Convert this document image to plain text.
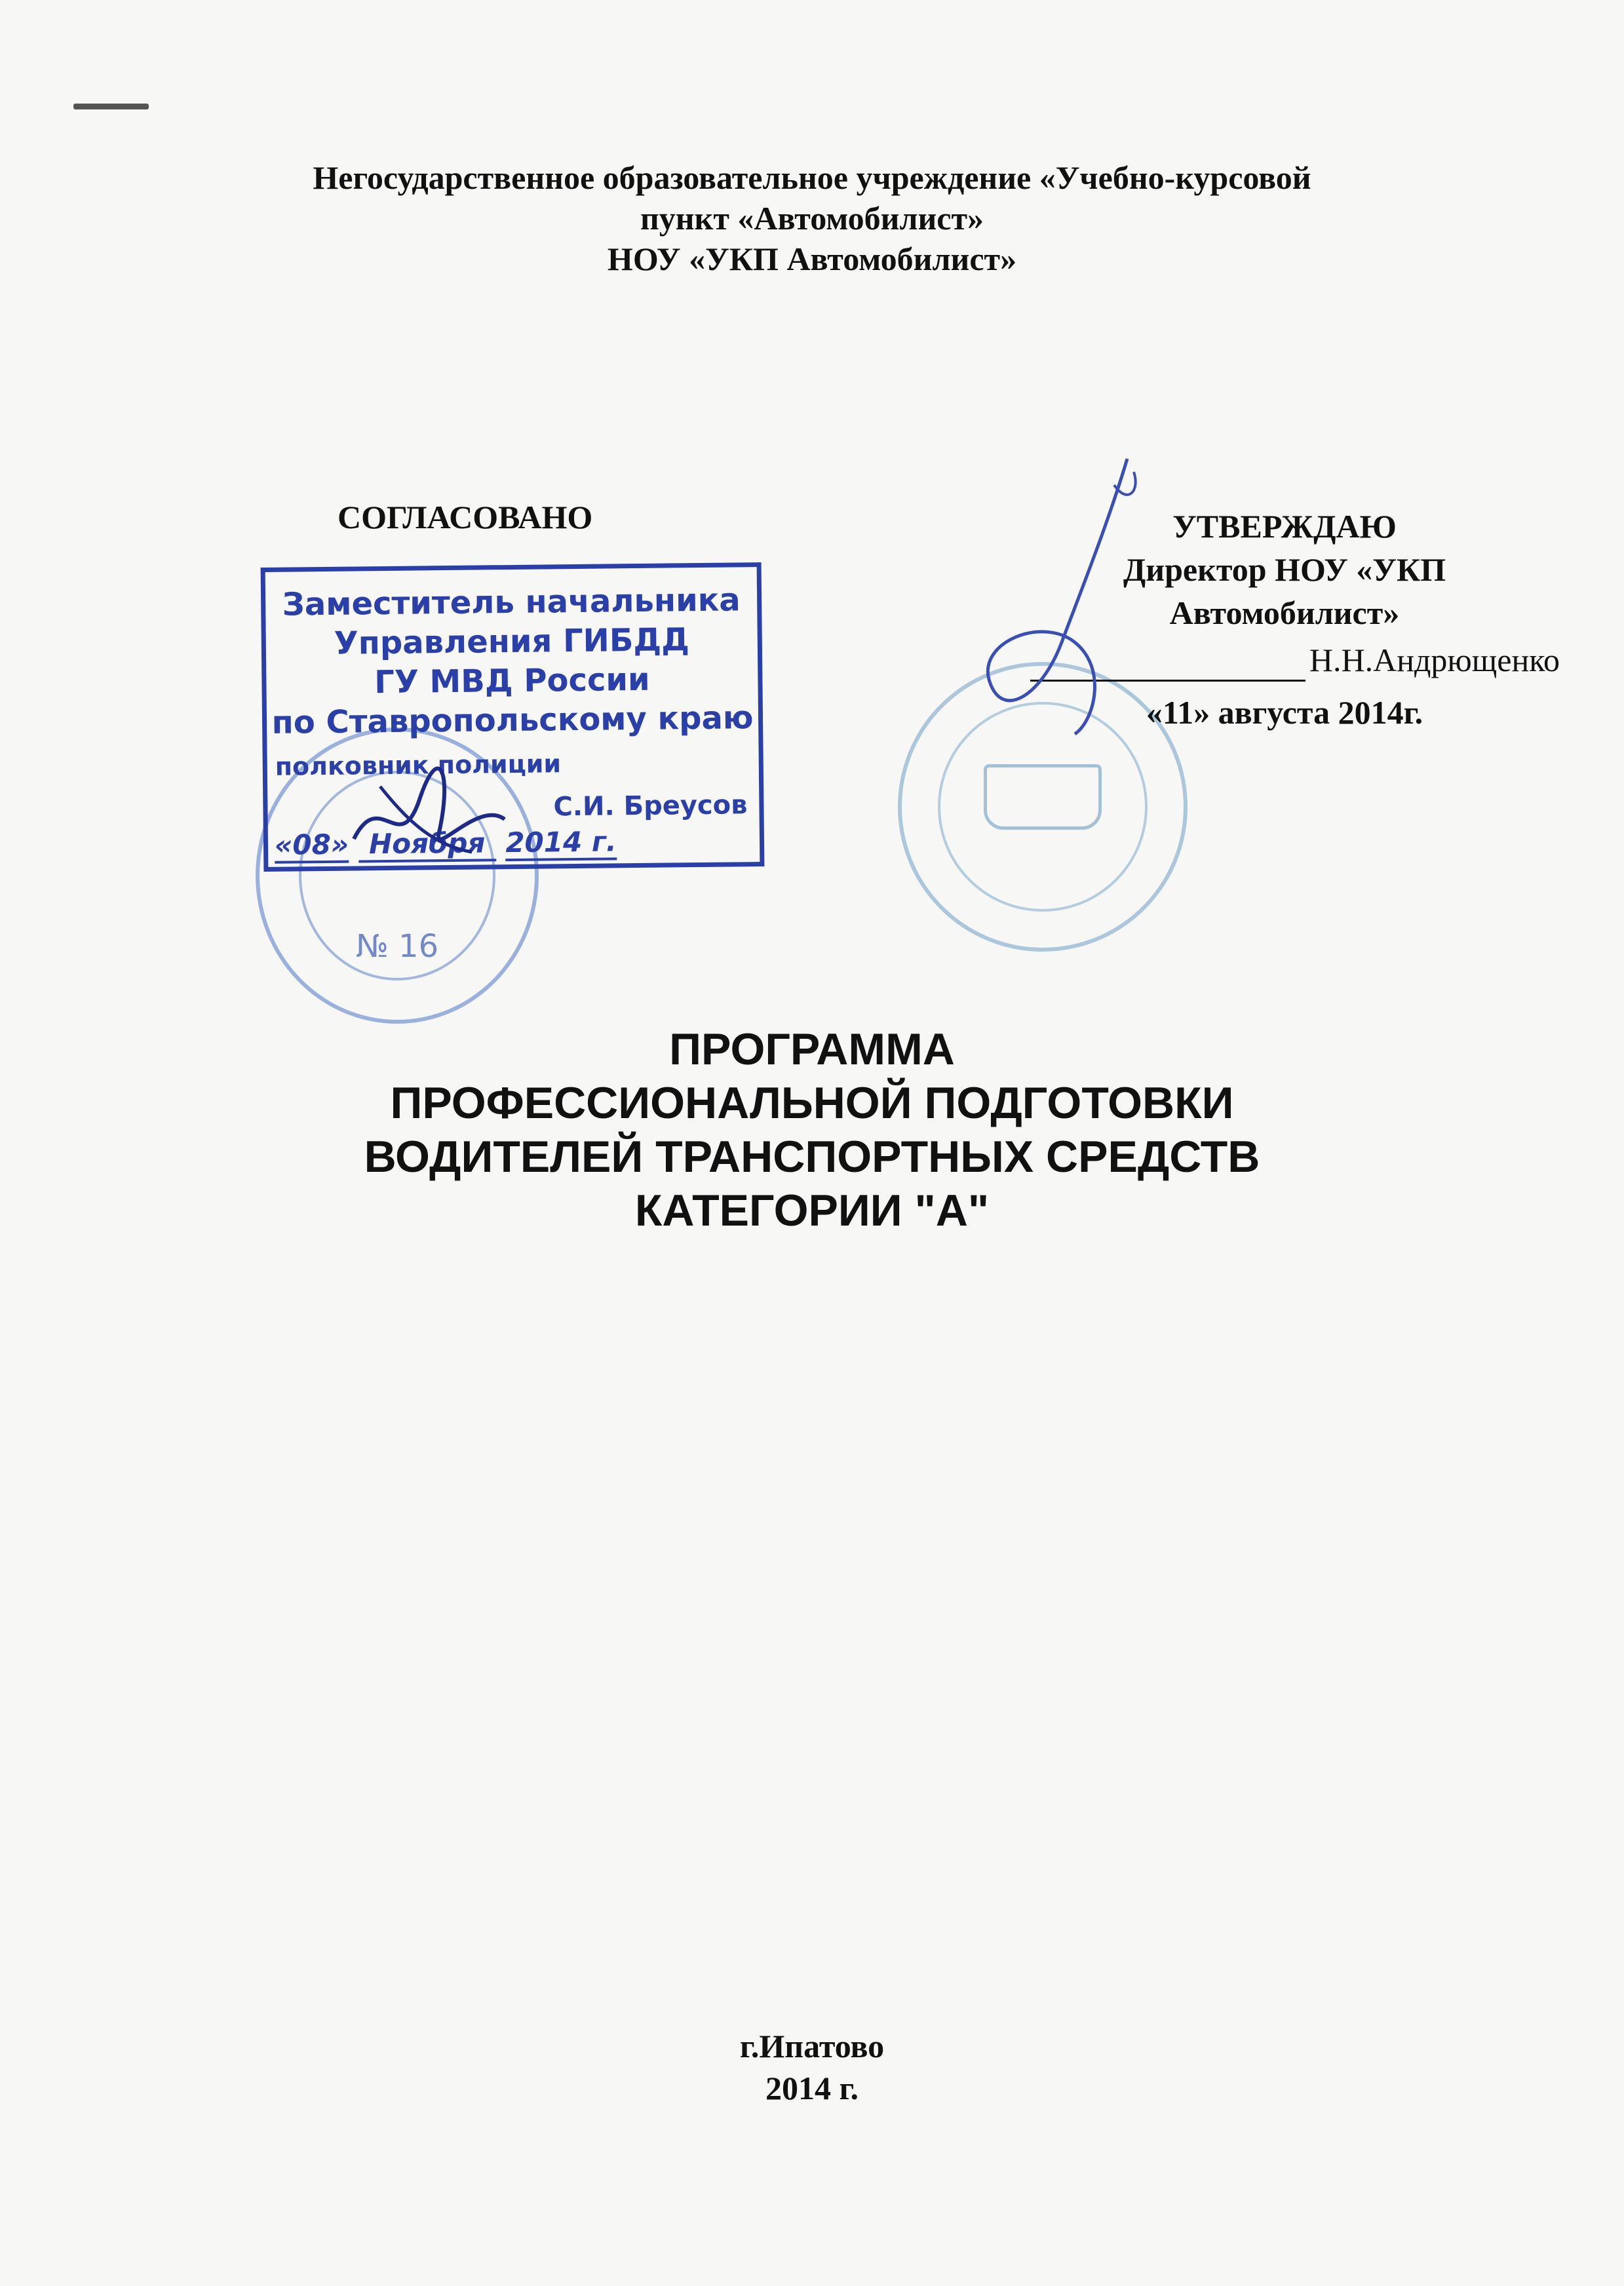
Негосударственное образовательное учреждение «Учебно-курсовой
пункт «Автомобилист»
НОУ «УКП Автомобилист»
СОГЛАСОВАНО
№ 16
Заместитель начальника
Управления ГИБДД
ГУ МВД России
по Ставропольскому краю
полковник полиции
С.И. Бреусов
«08» Ноября 2014 г.
УТВЕРЖДАЮ
Директор НОУ «УКП
Автомобилист»
Н.Н.Андрющенко
«11» августа 2014г.
ПРОГРАММА
ПРОФЕССИОНАЛЬНОЙ ПОДГОТОВКИ
ВОДИТЕЛЕЙ ТРАНСПОРТНЫХ СРЕДСТВ
КАТЕГОРИИ "А"
г.Ипатово
2014 г.
